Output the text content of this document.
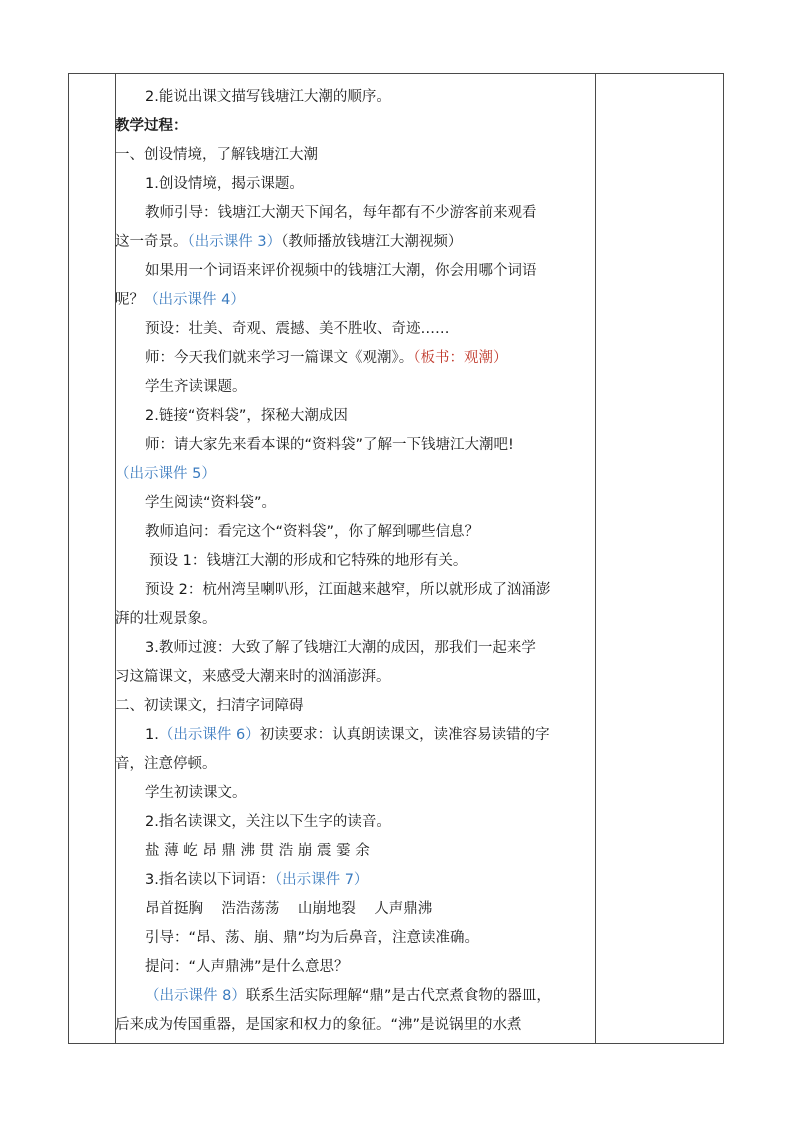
2.能说出课文描写钱塘江大潮的顺序。
教学过程：
一、创设情境，了解钱塘江大潮
1.创设情境，揭示课题。
教师引导：钱塘江大潮天下闻名，每年都有不少游客前来观看
这一奇景。（出示课件 3）（教师播放钱塘江大潮视频）
如果用一个词语来评价视频中的钱塘江大潮，你会用哪个词语
呢？（出示课件 4）
预设：壮美、奇观、震撼、美不胜收、奇迹……
师：今天我们就来学习一篇课文《观潮》。（板书：观潮）
学生齐读课题。
2.链接“资料袋”，探秘大潮成因
师：请大家先来看本课的“资料袋”了解一下钱塘江大潮吧!
（出示课件 5）
学生阅读“资料袋”。
教师追问：看完这个“资料袋”，你了解到哪些信息？
预设 1：钱塘江大潮的形成和它特殊的地形有关。
预设 2：杭州湾呈喇叭形，江面越来越窄，所以就形成了汹涌澎
湃的壮观景象。
3.教师过渡：大致了解了钱塘江大潮的成因，那我们一起来学
习这篇课文，来感受大潮来时的汹涌澎湃。
二、初读课文，扫清字词障碍
1.（出示课件 6）初读要求：认真朗读课文，读准容易读错的字
音，注意停顿。
学生初读课文。
2.指名读课文，关注以下生字的读音。
盐 薄 屹 昂 鼎 沸 贯 浩 崩 震 霎 余
3.指名读以下词语：（出示课件 7）
昂首挺胸    浩浩荡荡    山崩地裂    人声鼎沸
引导：“昂、荡、崩、鼎”均为后鼻音，注意读准确。
提问：“人声鼎沸”是什么意思？
（出示课件 8）联系生活实际理解“鼎”是古代烹煮食物的器皿，
后来成为传国重器，是国家和权力的象征。“沸”是说锅里的水煮
